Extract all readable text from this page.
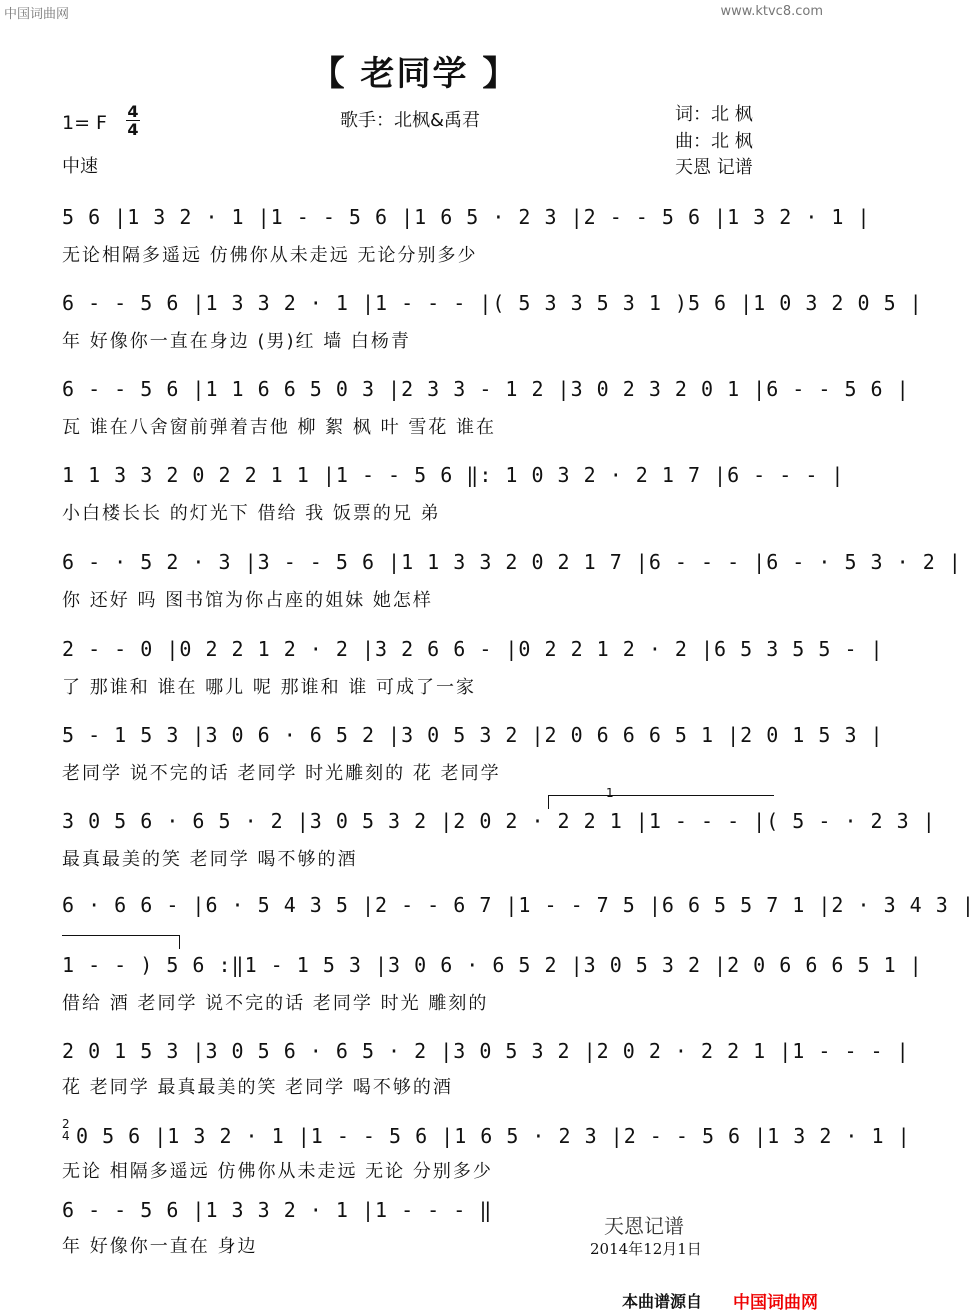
中国词曲网	www.ktvc8.com
【 老同学 】
1= F
4
4	歌手：北枫&禹君	词：北 枫
曲：北 枫
天恩 记谱
中速
5 6 |1 3 2 · 1 |1 - - 5 6 |1 6 5 · 2 3 |2 - - 5 6 |1 3 2 · 1 |
无论相隔多遥远 仿佛你从未走远 无论分别多少
6 - - 5 6 |1 3 3 2 · 1 |1 - - - |( 5 3 3 5 3 1 )5 6 |1 0 3 2 0 5 |
年 好像你一直在身边 (男)红 墙 白杨青
6 - - 5 6 |1 1 6 6 5 0 3 |2 3 3 - 1 2 |3 0 2 3 2 0 1 |6 - - 5 6 |
瓦 谁在八舍窗前弹着吉他 柳 絮 枫 叶 雪花 谁在
1 1 3 3 2 0 2 2 1 1 |1 - - 5 6 ‖: 1 0 3 2 · 2 1 7 |6 - - - |
小白楼长长 的灯光下 借给 我 饭票的兄 弟
6 - · 5 2 · 3 |3 - - 5 6 |1 1 3 3 2 0 2 1 7 |6 - - - |6 - · 5 3 · 2 |
你 还好 吗 图书馆为你占座的姐妹 她怎样
2 - - 0 |0 2 2 1 2 · 2 |3 2 6 6 - |0 2 2 1 2 · 2 |6 5 3 5 5 - |
了 那谁和 谁在 哪儿 呢 那谁和 谁 可成了一家
5 - 1 5 3 |3 0 6 · 6 5 2 |3 0 5 3 2 |2 0 6 6 6 5 1 |2 0 1 5 3 |
老同学 说不完的话 老同学 时光雕刻的 花 老同学
1
3 0 5 6 · 6 5 · 2 |3 0 5 3 2 |2 0 2 · 2 2 1 |1 - - - |( 5 - · 2 3 |
最真最美的笑 老同学 喝不够的酒
6 · 6 6 - |6 · 5 4 3 5 |2 - - 6 7 |1 - - 7 5 |6 6 5 5 7 1 |2 · 3 4 3 |
1 - - ) 5 6 :‖1 - 1 5 3 |3 0 6 · 6 5 2 |3 0 5 3 2 |2 0 6 6 6 5 1 |
借给 酒 老同学 说不完的话 老同学 时光 雕刻的
2 0 1 5 3 |3 0 5 6 · 6 5 · 2 |3 0 5 3 2 |2 0 2 · 2 2 1 |1 - - - |
花 老同学 最真最美的笑 老同学 喝不够的酒
2
4 0 5 6 |1 3 2 · 1 |1 - - 5 6 |1 6 5 · 2 3 |2 - - 5 6 |1 3 2 · 1 |
无论 相隔多遥远 仿佛你从未走远 无论 分别多少
6 - - 5 6 |1 3 3 2 · 1 |1 - - - ‖
年 好像你一直在 身边
天恩记谱
2014年12月1日
本曲谱源自 中国词曲网
